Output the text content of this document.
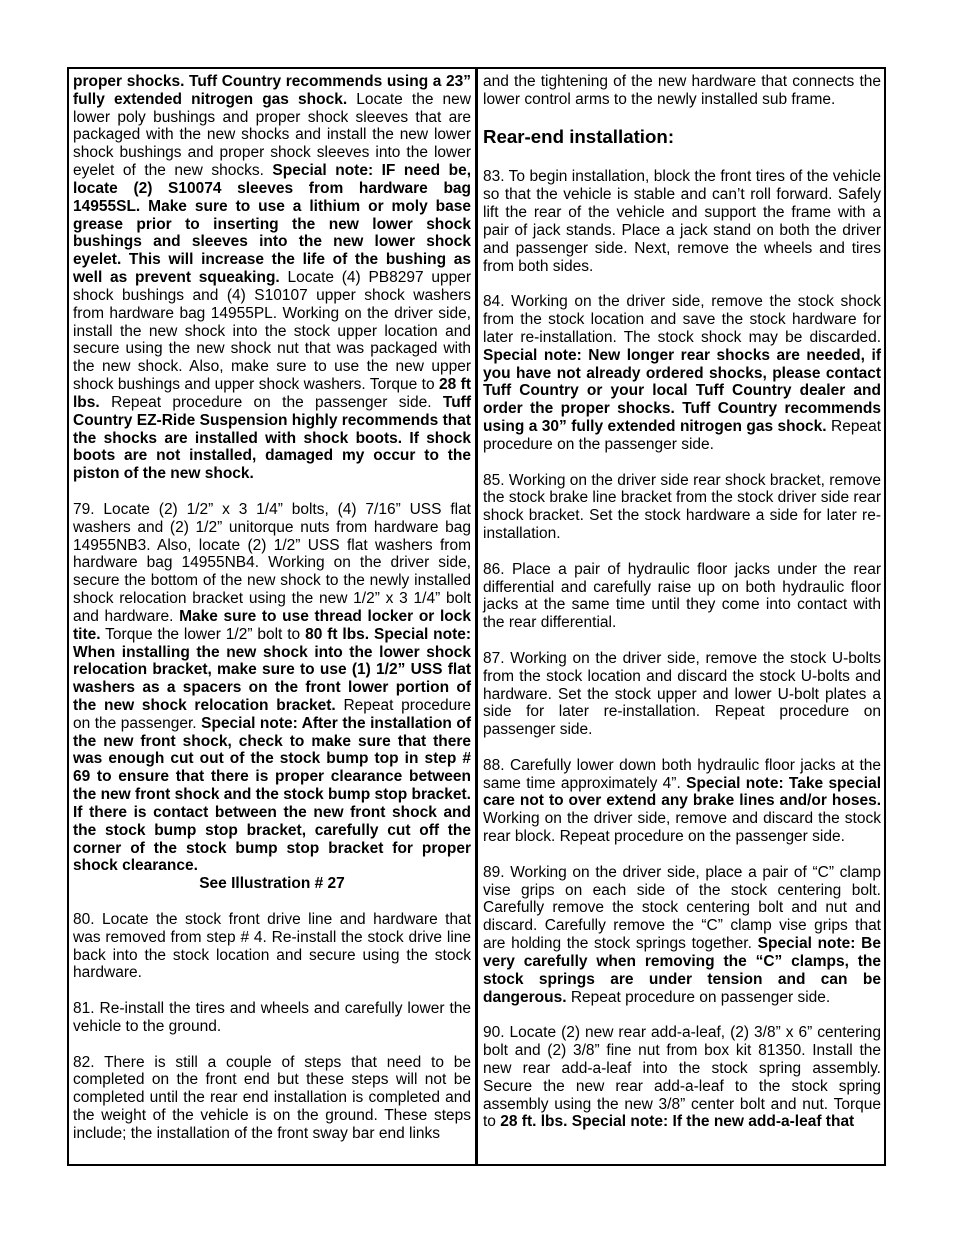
proper shocks. Tuff Country recommends using a 23” fully extended nitrogen gas shock. Locate the new lower poly bushings and proper shock sleeves that are packaged with the new shocks and install the new lower shock bushings and proper shock sleeves into the lower eyelet of the new shocks. Special note: IF need be, locate (2) S10074 sleeves from hardware bag 14955SL. Make sure to use a lithium or moly base grease prior to inserting the new lower shock bushings and sleeves into the new lower shock eyelet. This will increase the life of the bushing as well as prevent squeaking. Locate (4) PB8297 upper shock bushings and (4) S10107 upper shock washers from hardware bag 14955PL. Working on the driver side, install the new shock into the stock upper location and secure using the new shock nut that was packaged with the new shock. Also, make sure to use the new upper shock bushings and upper shock washers. Torque to 28 ft lbs. Repeat procedure on the passenger side. Tuff Country EZ-Ride Suspension highly recommends that the shocks are installed with shock boots. If shock boots are not installed, damaged my occur to the piston of the new shock.

79. Locate (2) 1/2” x 3 1/4” bolts, (4) 7/16” USS flat washers and (2) 1/2” unitorque nuts from hardware bag 14955NB3. Also, locate (2) 1/2” USS flat washers from hardware bag 14955NB4. Working on the driver side, secure the bottom of the new shock to the newly installed shock relocation bracket using the new 1/2” x 3 1/4” bolt and hardware. Make sure to use thread locker or lock tite. Torque the lower 1/2” bolt to 80 ft lbs. Special note: When installing the new shock into the lower shock relocation bracket, make sure to use (1) 1/2” USS flat washers as a spacers on the front lower portion of the new shock relocation bracket. Repeat procedure on the passenger. Special note: After the installation of the new front shock, check to make sure that there was enough cut out of the stock bump top in step # 69 to ensure that there is proper clearance between the new front shock and the stock bump stop bracket. If there is contact between the new front shock and the stock bump stop bracket, carefully cut off the corner of the stock bump stop bracket for proper shock clearance.

See Illustration # 27

80. Locate the stock front drive line and hardware that was removed from step # 4. Re-install the stock drive line back into the stock location and secure using the stock hardware.

81. Re-install the tires and wheels and carefully lower the vehicle to the ground.

82. There is still a couple of steps that need to be completed on the front end but these steps will not be completed until the rear end installation is completed and the weight of the vehicle is on the ground. These steps include; the installation of the front sway bar end links

and the tightening of the new hardware that connects the lower control arms to the newly installed sub frame.

Rear-end installation:

83. To begin installation, block the front tires of the vehicle so that the vehicle is stable and can’t roll forward. Safely lift the rear of the vehicle and support the frame with a pair of jack stands. Place a jack stand on both the driver and passenger side. Next, remove the wheels and tires from both sides.

84. Working on the driver side, remove the stock shock from the stock location and save the stock hardware for later re-installation. The stock shock may be discarded. Special note: New longer rear shocks are needed, if you have not already ordered shocks, please contact Tuff Country or your local Tuff Country dealer and order the proper shocks. Tuff Country recommends using a 30” fully extended nitrogen gas shock. Repeat procedure on the passenger side.

85. Working on the driver side rear shock bracket, remove the stock brake line bracket from the stock driver side rear shock bracket. Set the stock hardware a side for later re-installation.

86. Place a pair of hydraulic floor jacks under the rear differential and carefully raise up on both hydraulic floor jacks at the same time until they come into contact with the rear differential.

87. Working on the driver side, remove the stock U-bolts from the stock location and discard the stock U-bolts and hardware. Set the stock upper and lower U-bolt plates a side for later re-installation. Repeat procedure on passenger side.

88. Carefully lower down both hydraulic floor jacks at the same time approximately 4”. Special note: Take special care not to over extend any brake lines and/or hoses. Working on the driver side, remove and discard the stock rear block. Repeat procedure on the passenger side.

89. Working on the driver side, place a pair of “C” clamp vise grips on each side of the stock centering bolt. Carefully remove the stock centering bolt and nut and discard. Carefully remove the “C” clamp vise grips that are holding the stock springs together. Special note: Be very carefully when removing the “C” clamps, the stock springs are under tension and can be dangerous. Repeat procedure on passenger side.

90. Locate (2) new rear add-a-leaf, (2) 3/8” x 6” centering bolt and (2) 3/8” fine nut from box kit 81350. Install the new rear add-a-leaf into the stock spring assembly. Secure the new rear add-a-leaf to the stock spring assembly using the new 3/8” center bolt and nut. Torque to 28 ft. lbs. Special note: If the new add-a-leaf that
